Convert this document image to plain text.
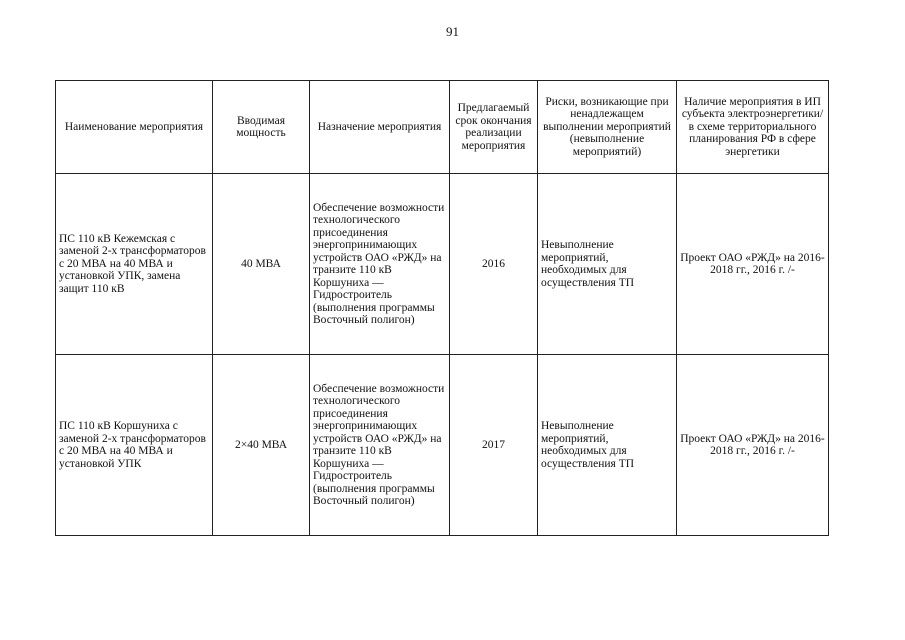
91
Наименование мероприятия	Вводимая мощность	Назначение мероприятия	Предлагаемый срок окончания реализации мероприятия	Риски, возникающие при ненадлежащем выполнении мероприятий (невыполнение мероприятий)	Наличие мероприятия в ИП субъекта электроэнергетики/в схеме территориального планирования РФ в сфере энергетики
ПС 110 кВ Кежемская с заменой 2-х трансформаторов с 20 МВА на 40 МВА и установкой УПК, замена защит 110 кВ	40 МВА	Обеспечение возможности технологического присоединения энергопринимающих устройств ОАО «РЖД» на транзите 110 кВ Коршуниха — Гидростроитель (выполнения программы Восточный полигон)	2016	Невыполнение мероприятий, необходимых для осуществления ТП	Проект ОАО «РЖД» на 2016-2018 гг., 2016 г. /-
ПС 110 кВ Коршуниха с заменой 2-х трансформаторов с 20 МВА на 40 МВА и установкой УПК	2×40 МВА	Обеспечение возможности технологического присоединения энергопринимающих устройств ОАО «РЖД» на транзите 110 кВ Коршуниха — Гидростроитель (выполнения программы Восточный полигон)	2017	Невыполнение мероприятий, необходимых для осуществления ТП	Проект ОАО «РЖД» на 2016-2018 гг., 2016 г. /-
